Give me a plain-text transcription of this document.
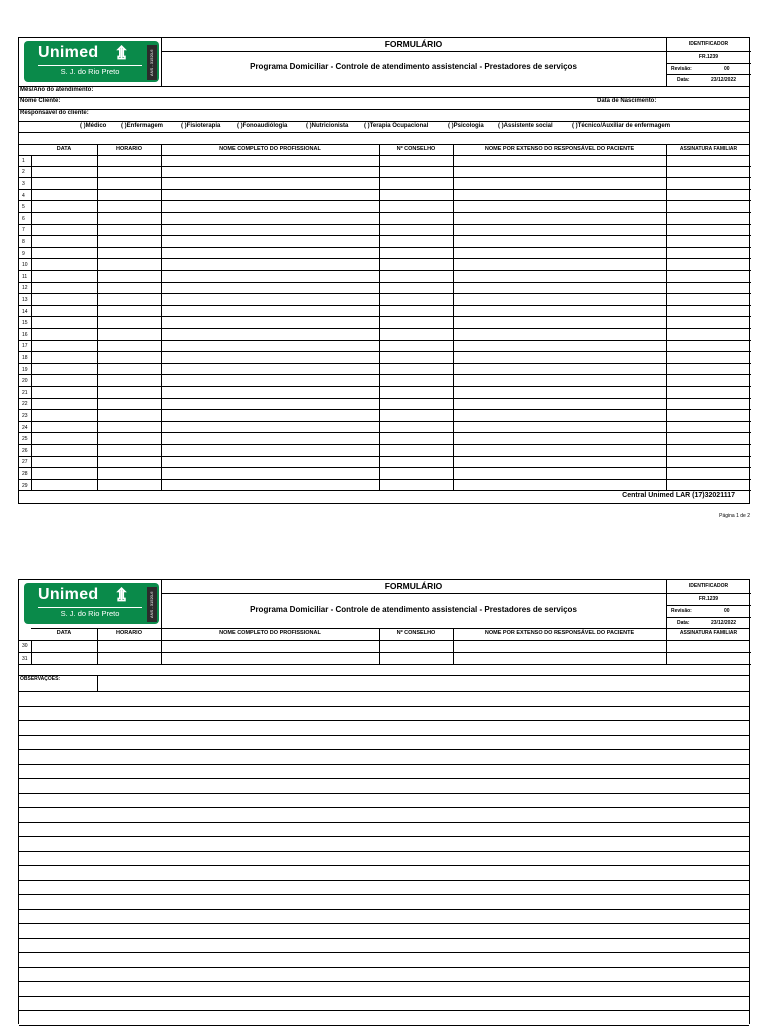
Unimed ⇭
S. J. do Rio Preto	ANS - 31520-6
FORMULÁRIO
Programa Domiciliar - Controle de atendimento assistencial - Prestadores de serviços
IDENTIFICADOR
FR.1239
Revisão:	00
Data:	23/12/2022
Mês/Ano do atendimento:
Nome Cliente:	Data de Nascimento:
Responsável do cliente:
( )Médico ( )Enfermagem	( )Fisioterapia	( )Fonoaudiólogia	( )Nutricionista	( )Terapia Ocupacional	( )Psicologia ( )Assistente social	( )Técnico/Auxiliar de enfermagem
DATA	HORARIO	NOME COMPLETO DO PROFISSIONAL	Nº CONSELHO	NOME POR EXTENSO DO RESPONSÁVEL DO PACIENTE	ASSINATURA FAMILIAR
1
2
3
4
5
6
7
8
9
10
11
12
13
14
15
16
17
18
19
20
21
22
23
24
25
26
27
28
29
Central Unimed LAR (17)32021117
Página 1 de 2
Unimed ⇭
S. J. do Rio Preto	ANS - 31520-6
FORMULÁRIO
Programa Domiciliar - Controle de atendimento assistencial - Prestadores de serviços
IDENTIFICADOR
FR.1239
Revisão:	00
Data:	23/12/2022
DATA	HORARIO	NOME COMPLETO DO PROFISSIONAL	Nº CONSELHO	NOME POR EXTENSO DO RESPONSÁVEL DO PACIENTE	ASSINATURA FAMILIAR
30
31
OBSERVAÇÕES:
